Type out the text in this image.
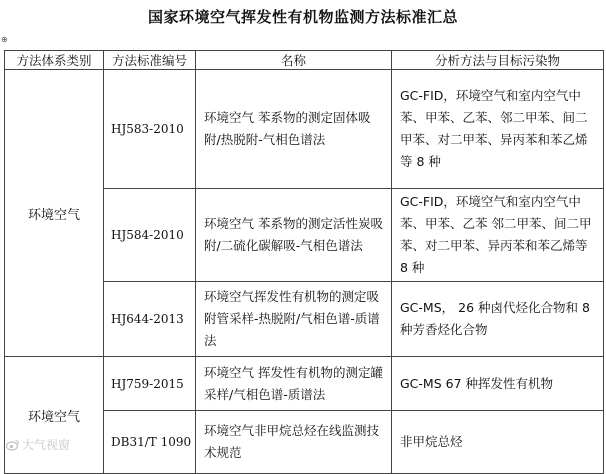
国家环境空气挥发性有机物监测方法标准汇总
⊕
方法体系类别	方法标准编号	名称	分析方法与目标污染物
环境空气	HJ583-2010	环境空气 苯系物的测定固体吸附/热脱附-气相色谱法	GC-FID，环境空气和室内空气中苯、甲苯、乙苯、邻二甲苯、间二甲苯、对二甲苯、异丙苯和苯乙烯等 8 种
	HJ584-2010	环境空气 苯系物的测定活性炭吸附/二硫化碳解吸-气相色谱法	GC-FID，环境空气和室内空气中苯、甲苯、乙苯 邻二甲苯、间二甲苯、对二甲苯、异丙苯和苯乙烯等 8 种
	HJ644-2013	环境空气挥发性有机物的测定吸附管采样-热脱附/气相色谱-质谱法	GC-MS， 26 种卤代烃化合物和 8 种芳香烃化合物
环境空气	HJ759-2015	环境空气 挥发性有机物的测定罐采样/气相色谱-质谱法	GC-MS 67 种挥发性有机物
	DB31/T 1090	环境空气非甲烷总烃在线监测技术规范	非甲烷总烃
大气视窗
